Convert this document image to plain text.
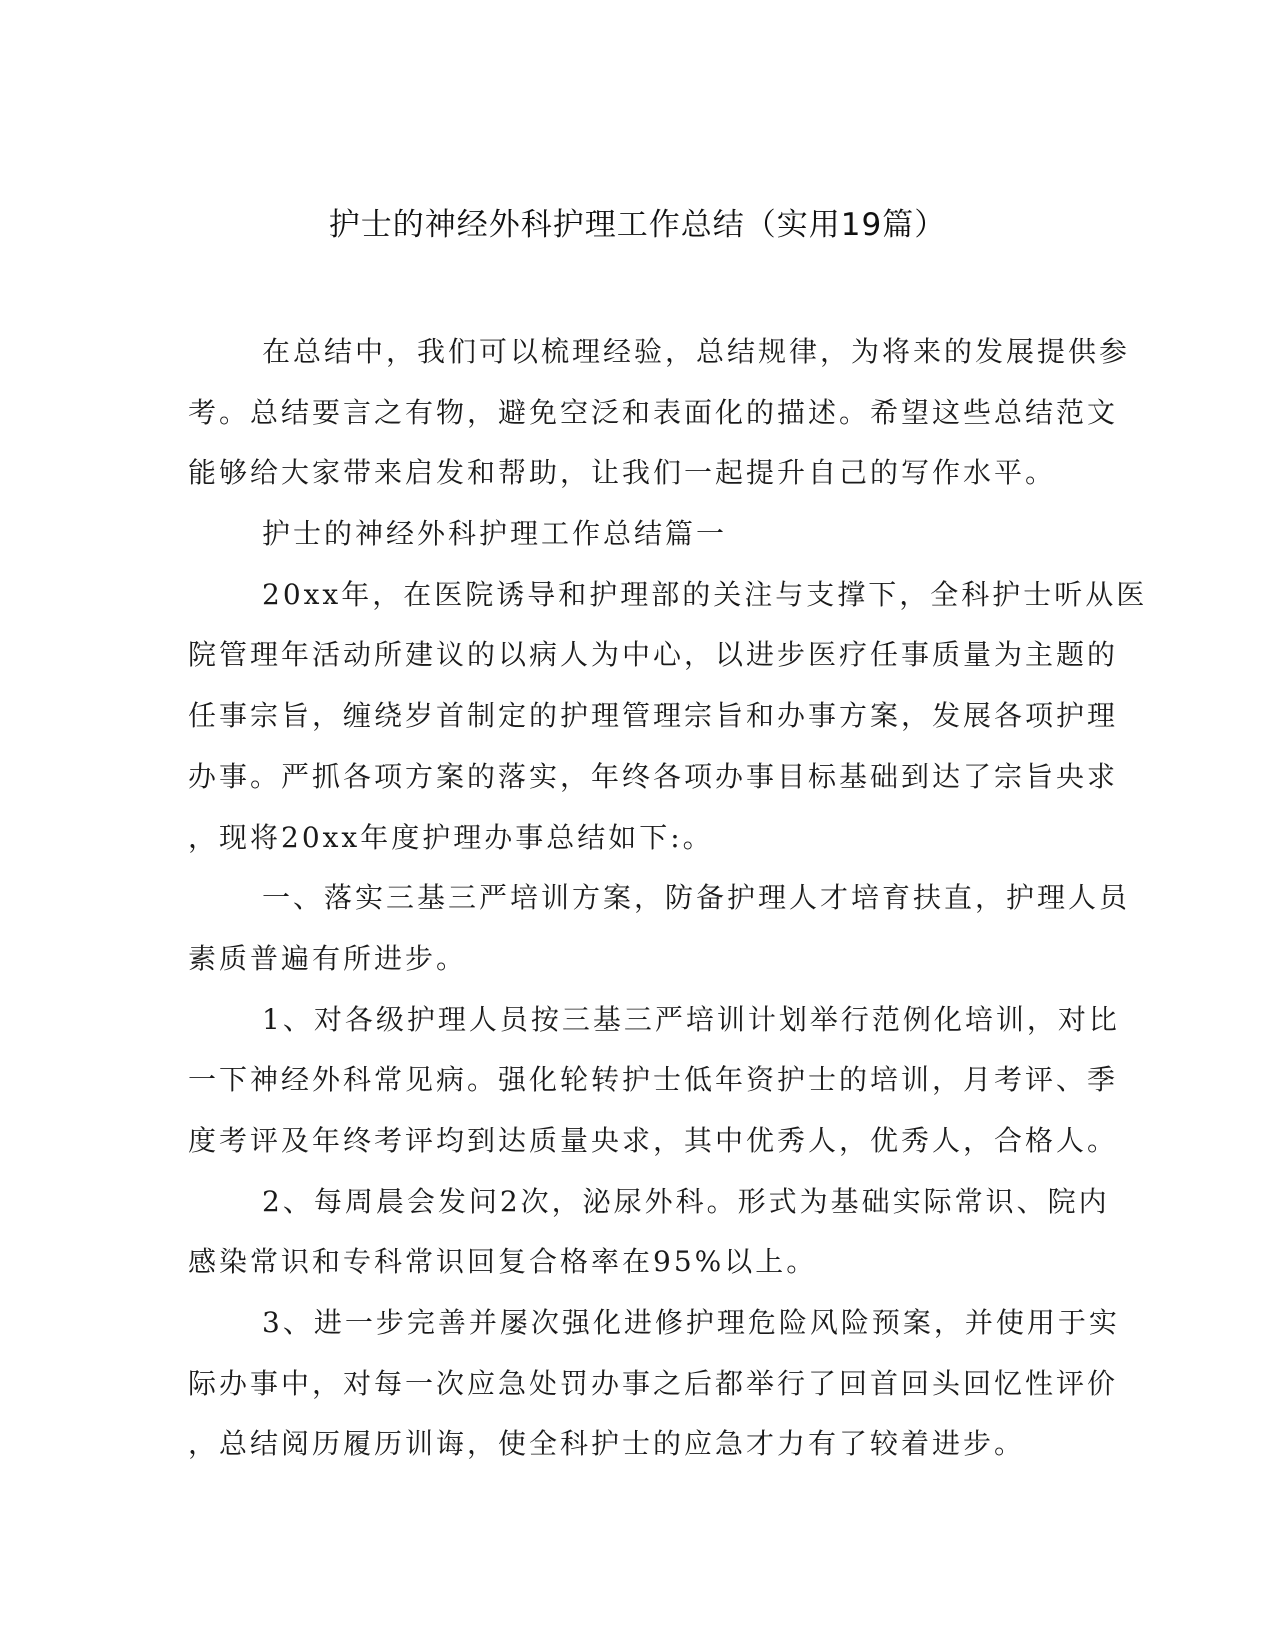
护士的神经外科护理工作总结（实用19篇）
在总结中，我们可以梳理经验，总结规律，为将来的发展提供参
考。总结要言之有物，避免空泛和表面化的描述。希望这些总结范文
能够给大家带来启发和帮助，让我们一起提升自己的写作水平。
护士的神经外科护理工作总结篇一
20xx年，在医院诱导和护理部的关注与支撑下，全科护士听从医
院管理年活动所建议的以病人为中心，以进步医疗任事质量为主题的
任事宗旨，缠绕岁首制定的护理管理宗旨和办事方案，发展各项护理
办事。严抓各项方案的落实，年终各项办事目标基础到达了宗旨央求
，现将20xx年度护理办事总结如下:。
一、落实三基三严培训方案，防备护理人才培育扶直，护理人员
素质普遍有所进步。
1、对各级护理人员按三基三严培训计划举行范例化培训，对比
一下神经外科常见病。强化轮转护士低年资护士的培训，月考评、季
度考评及年终考评均到达质量央求，其中优秀人，优秀人，合格人。
2、每周晨会发问2次，泌尿外科。形式为基础实际常识、院内
感染常识和专科常识回复合格率在95%以上。
3、进一步完善并屡次强化进修护理危险风险预案，并使用于实
际办事中，对每一次应急处罚办事之后都举行了回首回头回忆性评价
，总结阅历履历训诲，使全科护士的应急才力有了较着进步。
